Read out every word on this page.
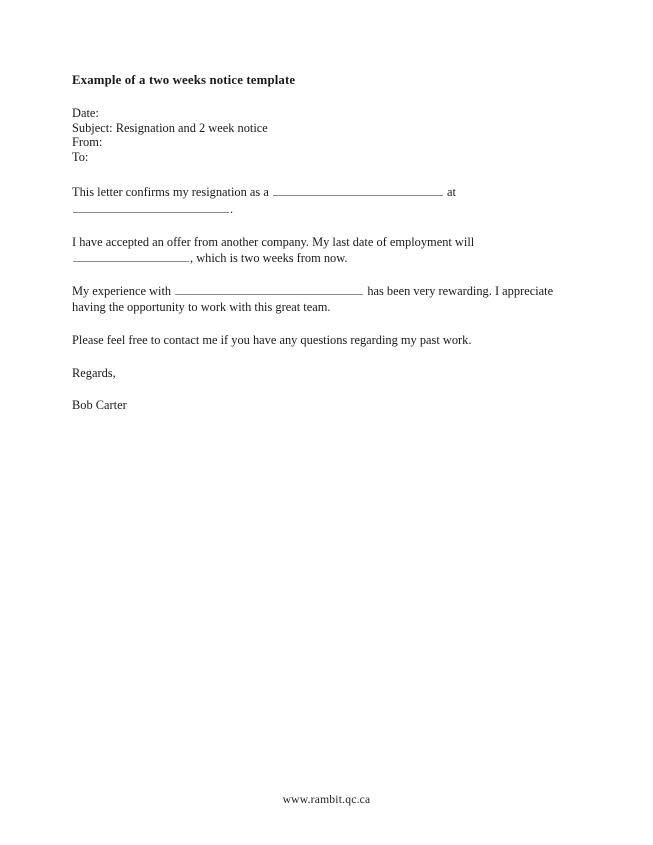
Example of a two weeks notice template
Date:
Subject: Resignation and 2 week notice
From:
To:

This letter confirms my resignation as a	at .

I have accepted an offer from another company. My last date of employment will , which is two weeks from now.

My experience with	has been very rewarding. I appreciate having the opportunity to work with this great team.

Please feel free to contact me if you have any questions regarding my past work.

Regards,

Bob Carter

www.rambit.qc.ca
